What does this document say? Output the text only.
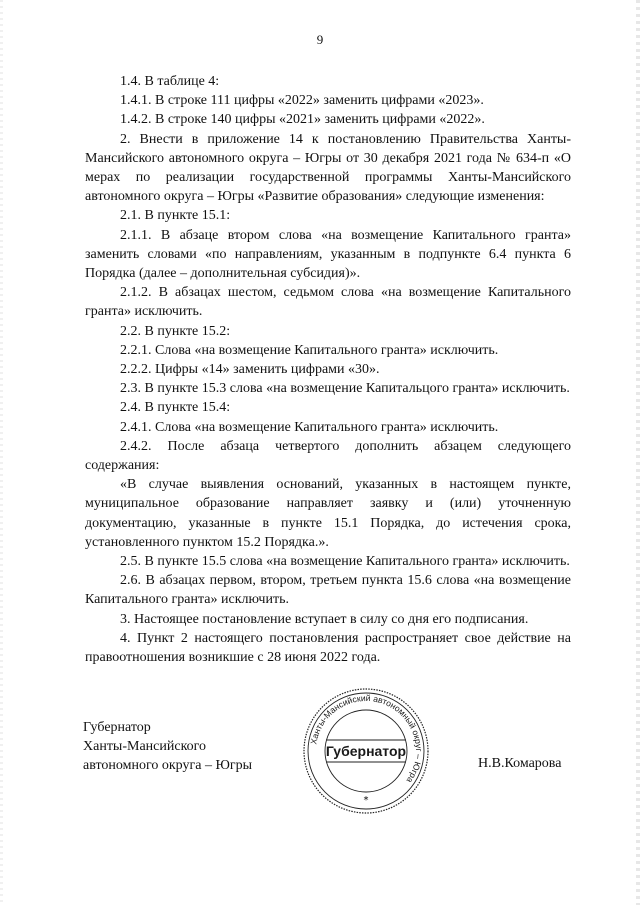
9

1.4. В таблице 4:

1.4.1. В строке 111 цифры «2022» заменить цифрами «2023».

1.4.2. В строке 140 цифры «2021» заменить цифрами «2022».

2. Внести в приложение 14 к постановлению Правительства Ханты-Мансийского автономного округа – Югры от 30 декабря 2021 года № 634-п «О мерах по реализации государственной программы Ханты-Мансийского автономного округа – Югры «Развитие образования» следующие изменения:

2.1. В пункте 15.1:

2.1.1. В абзаце втором слова «на возмещение Капитального гранта» заменить словами «по направлениям, указанным в подпункте 6.4 пункта 6 Порядка (далее – дополнительная субсидия)».

2.1.2. В абзацах шестом, седьмом слова «на возмещение Капитального гранта» исключить.

2.2. В пункте 15.2:

2.2.1. Слова «на возмещение Капитального гранта» исключить.

2.2.2. Цифры «14» заменить цифрами «30».

2.3. В пункте 15.3 слова «на возмещение Капитальцого гранта» исключить.

2.4. В пункте 15.4:

2.4.1. Слова «на возмещение Капитального гранта» исключить.

2.4.2. После абзаца четвертого дополнить абзацем следующего содержания:

«В случае выявления оснований, указанных в настоящем пункте, муниципальное образование направляет заявку и (или) уточненную документацию, указанные в пункте 15.1 Порядка, до истечения срока, установленного пунктом 15.2 Порядка.».

2.5. В пункте 15.5 слова «на возмещение Капитального гранта» исключить.

2.6. В абзацах первом, втором, третьем пункта 15.6 слова «на возмещение Капитального гранта» исключить.

3. Настоящее постановление вступает в силу со дня его подписания.

4. Пункт 2 настоящего постановления распространяет свое действие на правоотношения возникшие с 28 июня 2022 года.

Губернатор
Ханты-Мансийского
автономного округа – Югры
Ханты-Мансийский автономный округ – Югра
Губернатор
*
Н.В.Комарова
